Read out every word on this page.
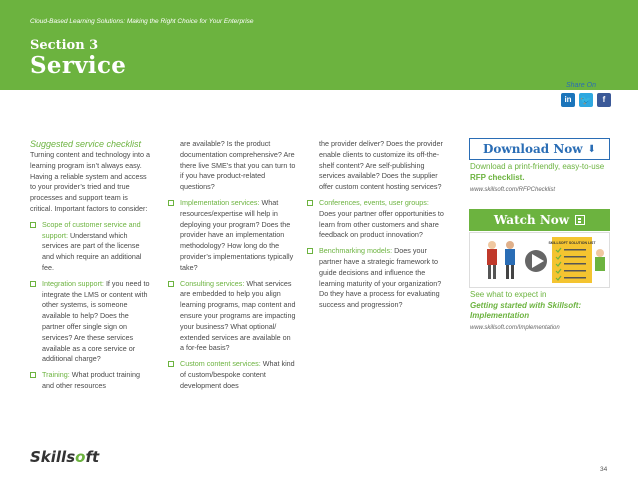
Cloud-Based Learning Solutions: Making the Right Choice for Your Enterprise
Section 3
Service
Share On
in 🐦	f
Suggested service checklist
Turning content and technology into a learning program isn’t always easy. Having a reliable system and access to your provider’s tried and true processes and support team is critical. Important factors to consider:
Scope of customer service and support: Understand which services are part of the license and which require an additional fee.
Integration support: If you need to integrate the LMS or content with other systems, is someone available to help? Does the partner offer single sign on services? Are these services available as a core service or additional charge?
Training: What product training and other resources
are available? Is the product documentation comprehensive? Are there live SME’s that you can turn to if you have product-related questions?
Implementation services: What resources/expertise will help in deploying your program? Does the provider have an implementation methodology? How long do the provider’s implementations typically take?
Consulting services: What services are embedded to help you align learning programs, map content and ensure your programs are impacting your business? What optional/ extended services are available on a for-fee basis?
Custom content services: What kind of custom/bespoke content development does
the provider deliver? Does the provider enable clients to customize its off-the-shelf content? Are self-publishing services available? Does the supplier offer custom content hosting services?
Conferences, events, user groups: Does your partner offer opportunities to learn from other customers and share feedback on product innovation?
Benchmarking models: Does your partner have a strategic framework to guide decisions and influence the learning maturity of your organization? Do they have a process for evaluating success and progression?
Download Now ⬇
Download a print-friendly, easy-to-use RFP checklist.
www.skillsoft.com/RFPChecklist
Watch Now
SKILLSOFT SOLUTION LIST
See what to expect in
Getting started with Skillsoft: Implementation
www.skillsoft.com/Implementation
Skillsoft
34
